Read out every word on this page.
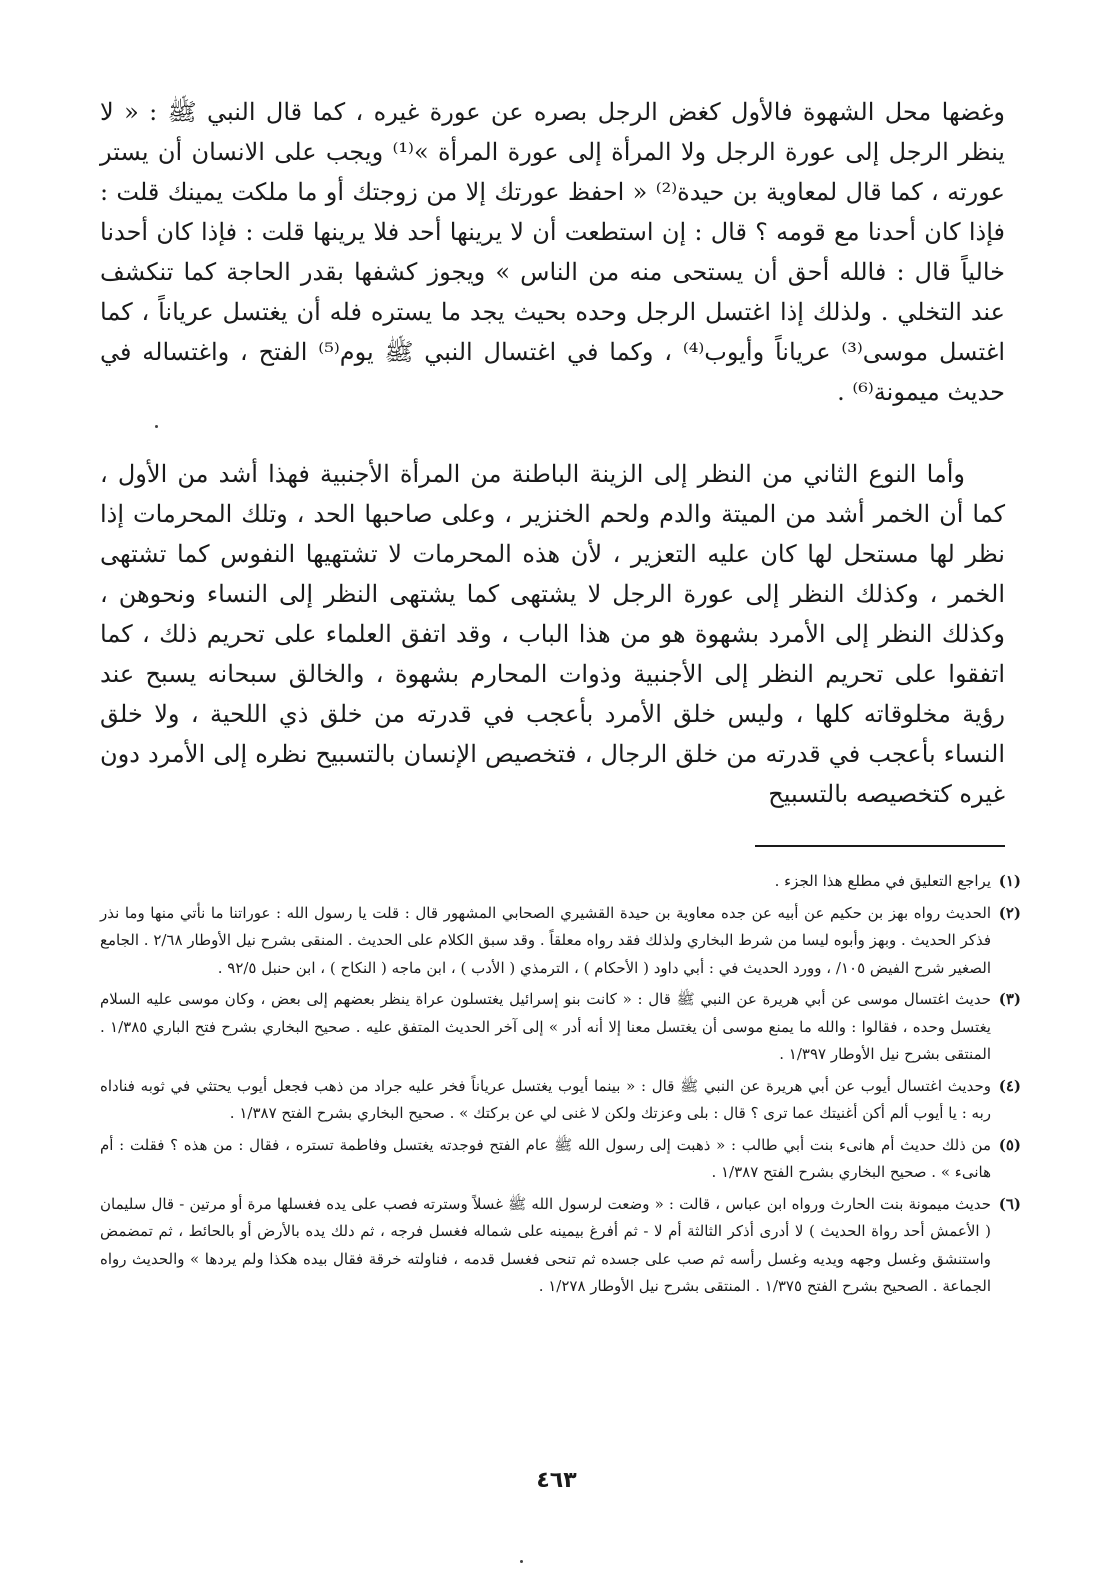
وغضها محل الشهوة فالأول كغض الرجل بصره عن عورة غيره ، كما قال النبي ﷺ : « لا ينظر الرجل إلى عورة الرجل ولا المرأة إلى عورة المرأة »⁽¹⁾ ويجب على الانسان أن يستر عورته ، كما قال لمعاوية بن حيدة⁽²⁾ « احفظ عورتك إلا من زوجتك أو ما ملكت يمينك قلت : فإذا كان أحدنا مع قومه ؟ قال : إن استطعت أن لا يرينها أحد فلا يرينها قلت : فإذا كان أحدنا خالياً قال : فالله أحق أن يستحى منه من الناس » ويجوز كشفها بقدر الحاجة كما تنكشف عند التخلي . ولذلك إذا اغتسل الرجل وحده بحيث يجد ما يستره فله أن يغتسل عرياناً ، كما اغتسل موسى⁽³⁾ عرياناً وأيوب⁽⁴⁾ ، وكما في اغتسال النبي ﷺ يوم⁽⁵⁾ الفتح ، واغتساله في حديث ميمونة⁽⁶⁾ .

وأما النوع الثاني من النظر إلى الزينة الباطنة من المرأة الأجنبية فهذا أشد من الأول ، كما أن الخمر أشد من الميتة والدم ولحم الخنزير ، وعلى صاحبها الحد ، وتلك المحرمات إذا نظر لها مستحل لها كان عليه التعزير ، لأن هذه المحرمات لا تشتهيها النفوس كما تشتهى الخمر ، وكذلك النظر إلى عورة الرجل لا يشتهى كما يشتهى النظر إلى النساء ونحوهن ، وكذلك النظر إلى الأمرد بشهوة هو من هذا الباب ، وقد اتفق العلماء على تحريم ذلك ، كما اتفقوا على تحريم النظر إلى الأجنبية وذوات المحارم بشهوة ، والخالق سبحانه يسبح عند رؤية مخلوقاته كلها ، وليس خلق الأمرد بأعجب في قدرته من خلق ذي اللحية ، ولا خلق النساء بأعجب في قدرته من خلق الرجال ، فتخصيص الإنسان بالتسبيح نظره إلى الأمرد دون غيره كتخصيصه بالتسبيح

(١)
يراجع التعليق في مطلع هذا الجزء .
(٢)
الحديث رواه بهز بن حكيم عن أبيه عن جده معاوية بن حيدة القشيري الصحابي المشهور قال : قلت يا رسول الله : عوراتنا ما نأتي منها وما نذر فذكر الحديث . وبهز وأبوه ليسا من شرط البخاري ولذلك فقد رواه معلقاً . وقد سبق الكلام على الحديث . المنقى بشرح نيل الأوطار ٢/٦٨ . الجامع الصغير شرح الفيض ١٠٥/ ، وورد الحديث في : أبي داود ( الأحكام ) ، الترمذي ( الأدب ) ، ابن ماجه ( النكاح ) ، ابن حنبل ٩٢/٥ .
(٣)
حديث اغتسال موسى عن أبي هريرة عن النبي ﷺ قال : « كانت بنو إسرائيل يغتسلون عراة ينظر بعضهم إلى بعض ، وكان موسى عليه السلام يغتسل وحده ، فقالوا : والله ما يمنع موسى أن يغتسل معنا إلا أنه أدر » إلى آخر الحديث المتفق عليه . صحيح البخاري بشرح فتح الباري ١/٣٨٥ . المنتقى بشرح نيل الأوطار ١/٣٩٧ .
(٤)
وحديث اغتسال أيوب عن أبي هريرة عن النبي ﷺ قال : « بينما أيوب يغتسل عرياناً فخر عليه جراد من ذهب فجعل أيوب يحتثي في ثوبه فناداه ربه : يا أيوب ألم أكن أغنيتك عما ترى ؟ قال : بلى وعزتك ولكن لا غنى لي عن بركتك » . صحيح البخاري بشرح الفتح ١/٣٨٧ .
(٥)
من ذلك حديث أم هانىء بنت أبي طالب : « ذهبت إلى رسول الله ﷺ عام الفتح فوجدته يغتسل وفاطمة تستره ، فقال : من هذه ؟ فقلت : أم هانىء » . صحيح البخاري بشرح الفتح ١/٣٨٧ .
(٦)
حديث ميمونة بنت الحارث ورواه ابن عباس ، قالت : « وضعت لرسول الله ﷺ غسلاً وسترته فصب على يده فغسلها مرة أو مرتين - قال سليمان ( الأعمش أحد رواة الحديث ) لا أدرى أذكر الثالثة أم لا - ثم أفرغ بيمينه على شماله فغسل فرجه ، ثم دلك يده بالأرض أو بالحائط ، ثم تمضمض واستنشق وغسل وجهه ويديه وغسل رأسه ثم صب على جسده ثم تنحى فغسل قدمه ، فناولته خرقة فقال بيده هكذا ولم يردها » والحديث رواه الجماعة . الصحيح بشرح الفتح ١/٣٧٥ . المنتقى بشرح نيل الأوطار ١/٢٧٨ .
٤٦٣
